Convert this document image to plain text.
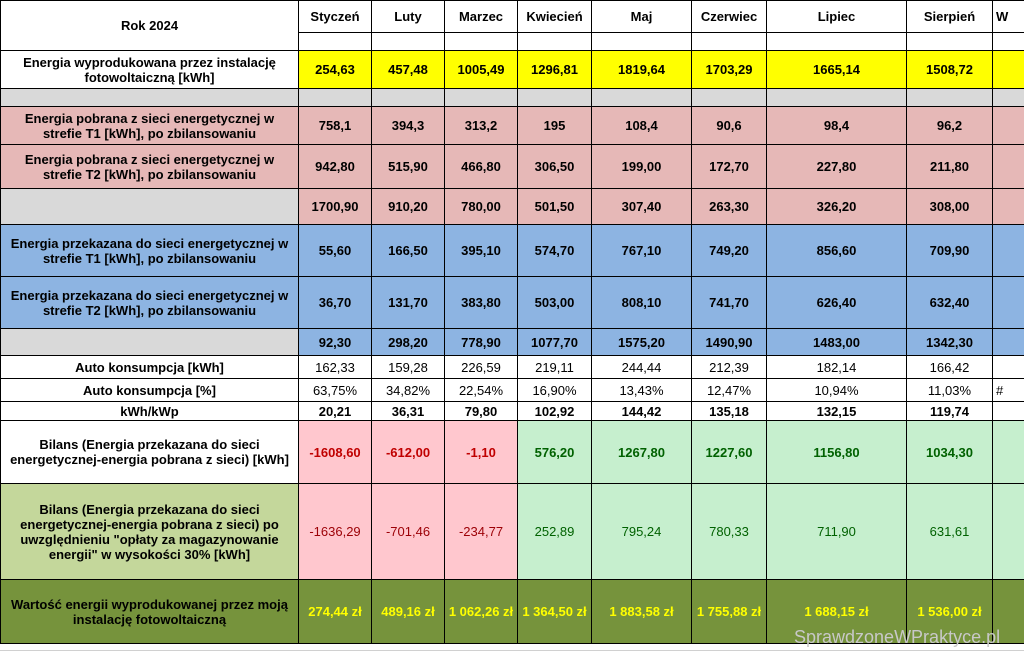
Rok 2024	Styczeń	Luty	Marzec	Kwiecień	Maj	Czerwiec	Lipiec	Sierpień	W

Energia wyprodukowana przez instalację fotowoltaiczną [kWh]	254,63	457,48	1005,49	1296,81	1819,64	1703,29	1665,14	1508,72	

Energia pobrana z sieci energetycznej w strefie T1 [kWh], po zbilansowaniu	758,1	394,3	313,2	195	108,4	90,6	98,4	96,2	
Energia pobrana z sieci energetycznej w strefie T2 [kWh], po zbilansowaniu	942,80	515,90	466,80	306,50	199,00	172,70	227,80	211,80	
	1700,90	910,20	780,00	501,50	307,40	263,30	326,20	308,00	
Energia przekazana do sieci energetycznej w strefie T1 [kWh], po zbilansowaniu	55,60	166,50	395,10	574,70	767,10	749,20	856,60	709,90	
Energia przekazana do sieci energetycznej w strefie T2 [kWh], po zbilansowaniu	36,70	131,70	383,80	503,00	808,10	741,70	626,40	632,40	
	92,30	298,20	778,90	1077,70	1575,20	1490,90	1483,00	1342,30	
Auto konsumpcja [kWh]	162,33	159,28	226,59	219,11	244,44	212,39	182,14	166,42	
Auto konsumpcja [%]	63,75%	34,82%	22,54%	16,90%	13,43%	12,47%	10,94%	11,03%	#
kWh/kWp	20,21	36,31	79,80	102,92	144,42	135,18	132,15	119,74	
Bilans (Energia przekazana do sieci energetycznej-energia pobrana z sieci) [kWh]	-1608,60	-612,00	-1,10	576,20	1267,80	1227,60	1156,80	1034,30	
Bilans (Energia przekazana do sieci energetycznej-energia pobrana z sieci) po uwzględnieniu "opłaty za magazynowanie energii" w wysokości 30% [kWh]	-1636,29	-701,46	-234,77	252,89	795,24	780,33	711,90	631,61	
Wartość energii wyprodukowanej przez moją instalację fotowoltaiczną	274,44 zł	489,16 zł	1 062,26 zł	1 364,50 zł	1 883,58 zł	1 755,88 zł	1 688,15 zł	1 536,00 zł	
SprawdzoneWPraktyce.pl
